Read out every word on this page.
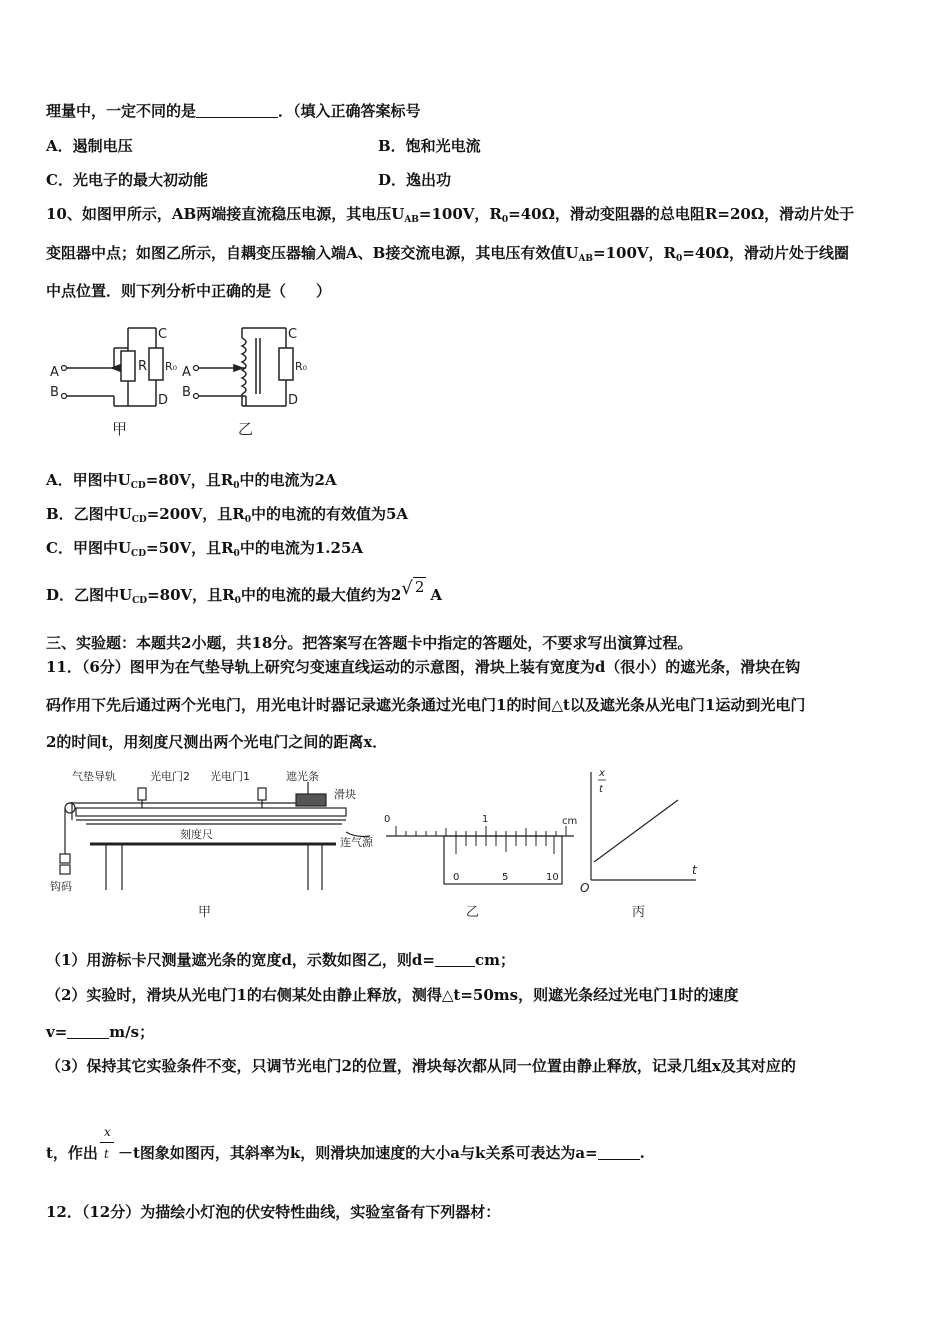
理量中，一定不同的是	．（填入正确答案标号
A．遏制电压	B．饱和光电流
C．光电子的最大初动能	D．逸出功
10、如图甲所示，AB两端接直流稳压电源，其电压$U_{AB}=100V$，$R_0=40\Omega$，滑动变阻器的总电阻R=20Ω，滑动片处于
变阻器中点；如图乙所示，自耦变压器输入端A、B接交流电源，其电压有效值$U_{AB}=100V$，$R_0=40\Omega$，滑动片处于线圈
中点位置．则下列分析中正确的是（　　）
A
B
C
D
R R₀ A
B
C
D
R₀
甲	乙
A．甲图中$U_{CD}=80V$，且$R_0$中的电流为2A
B．乙图中$U_{CD}=200V$，且$R_0$中的电流的有效值为5A
C．甲图中$U_{CD}=50V$，且$R_0$中的电流为1.25A
D．乙图中$U_{CD}=80V$，且$R_0$中的电流的最大值约为2√ 2 A
三、实验题：本题共2小题，共18分。把答案写在答题卡中指定的答题处，不要求写出演算过程。
11．（6分）图甲为在气垫导轨上研究匀变速直线运动的示意图，滑块上装有宽度为d（很小）的遮光条，滑块在钩
码作用下先后通过两个光电门，用光电计时器记录遮光条通过光电门1的时间△t以及遮光条从光电门1运动到光电门
2的时间t，用刻度尺测出两个光电门之间的距离x．
气垫导轨	光电门2 光电门1	遮光条
滑块
刻度尺
连气源
钩码
甲	乙	丙
0	1	cm
0	5	10
x
t
O
t
（1）用游标卡尺测量遮光条的宽度d，示数如图乙，则d=	cm；
（2）实验时，滑块从光电门1的右侧某处由静止释放，测得△t=50ms，则遮光条经过光电门1时的速度
v=	m/s；
（3）保持其它实验条件不变，只调节光电门2的位置，滑块每次都从同一位置由静止释放，记录几组x及其对应的
t，作出 $\frac{x}{t} -t$图象如图丙，其斜率为k，则滑块加速度的大小a与k关系可表达为a=	.
12．（12分）为描绘小灯泡的伏安特性曲线，实验室备有下列器材：
